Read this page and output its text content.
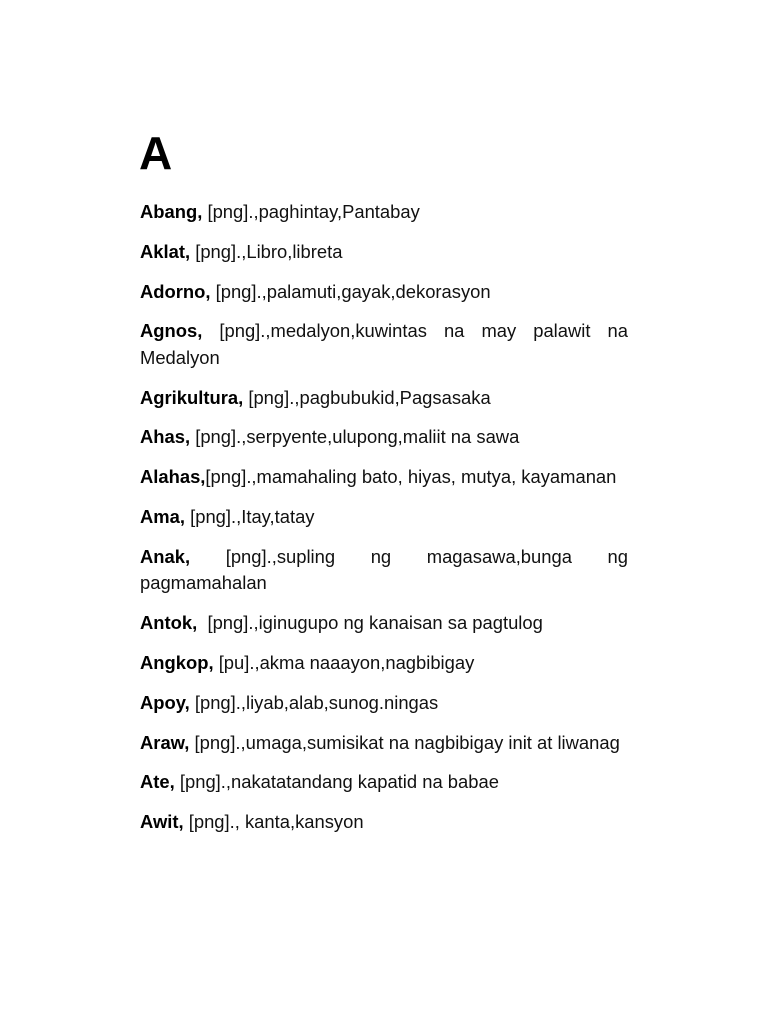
A
Abang, [png].,paghintay,Pantabay
Aklat, [png].,Libro,libreta
Adorno, [png].,palamuti,gayak,dekorasyon
Agnos, [png].,medalyon,kuwintas na may palawit na Medalyon
Agrikultura, [png].,pagbubukid,Pagsasaka
Ahas, [png].,serpyente,ulupong,maliit na sawa
Alahas,[png].,mamahaling bato, hiyas, mutya, kayamanan
Ama, [png].,Itay,tatay
Anak, [png].,supling ng magasawa,bunga ng pagmamahalan
Antok, [png].,iginugupo ng kanaisan sa pagtulog
Angkop, [pu].,akma naaayon,nagbibigay
Apoy, [png].,liyab,alab,sunog.ningas
Araw, [png].,umaga,sumisikat na nagbibigay init at liwanag
Ate, [png].,nakatatandang kapatid na babae
Awit, [png]., kanta,kansyon
